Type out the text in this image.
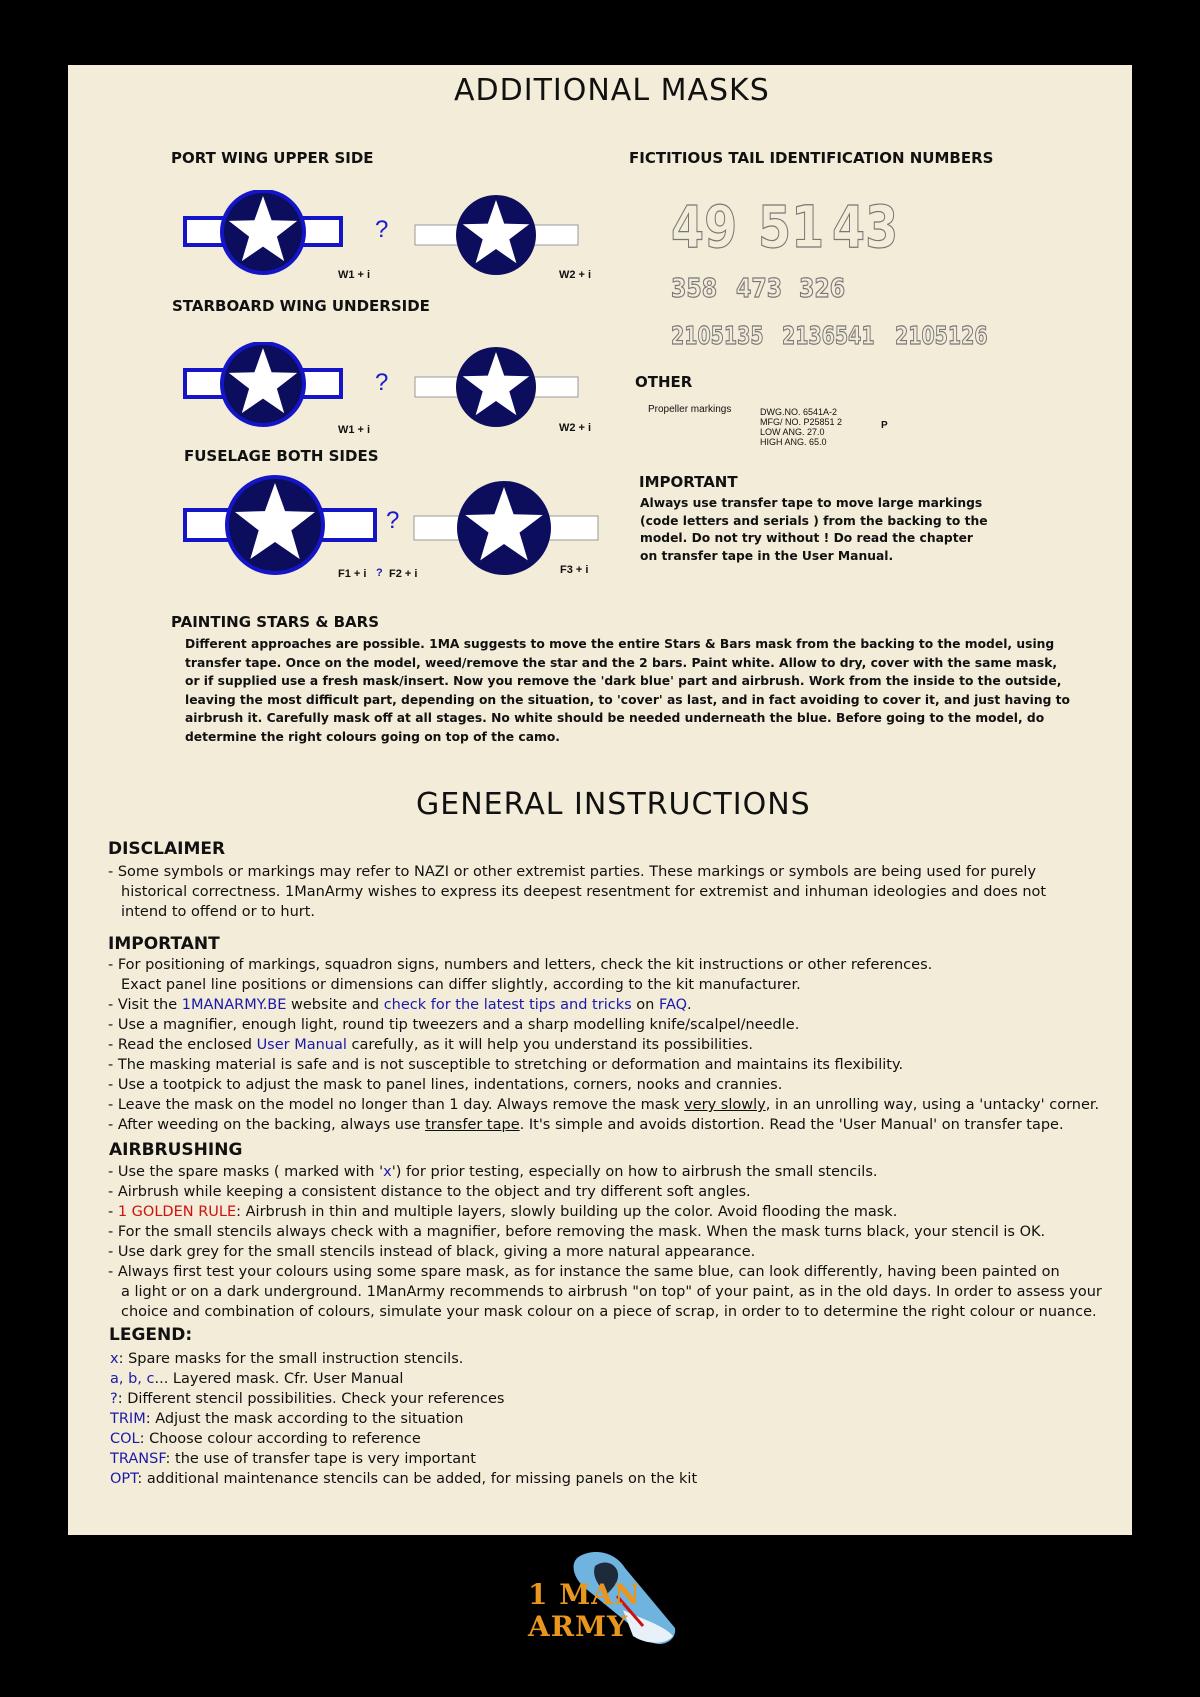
ADDITIONAL MASKS
PORT WING UPPER SIDE
?
W1 + i	W2 + i
STARBOARD WING UNDERSIDE
?
W1 + i	W2 + i
FUSELAGE BOTH SIDES
?
F1 + i ? F2 + i	F3 + i
FICTITIOUS TAIL IDENTIFICATION NUMBERS
49 51 43
358 473 326
2105135 2136541 2105126
OTHER
Propeller markings	DWG.NO. 6541A-2
MFG/ NO. P25851 2
LOW ANG. 27.0
HIGH ANG. 65.0
P
IMPORTANT
Always use transfer tape to move large markings
(code letters and serials ) from the backing to the
model. Do not try without ! Do read the chapter
on transfer tape in the User Manual.
PAINTING STARS & BARS
Different approaches are possible. 1MA suggests to move the entire Stars & Bars mask from the backing to the model, using
transfer tape. Once on the model, weed/remove the star and the 2 bars. Paint white. Allow to dry, cover with the same mask,
or if supplied use a fresh mask/insert. Now you remove the 'dark blue' part and airbrush. Work from the inside to the outside,
leaving the most difficult part, depending on the situation, to 'cover' as last, and in fact avoiding to cover it, and just having to
airbrush it. Carefully mask off at all stages. No white should be needed underneath the blue. Before going to the model, do
determine the right colours going on top of the camo.
GENERAL INSTRUCTIONS
DISCLAIMER
- Some symbols or markings may refer to NAZI or other extremist parties. These markings or symbols are being used for purely
historical correctness. 1ManArmy wishes to express its deepest resentment for extremist and inhuman ideologies and does not
intend to offend or to hurt.
IMPORTANT
- For positioning of markings, squadron signs, numbers and letters, check the kit instructions or other references.
Exact panel line positions or dimensions can differ slightly, according to the kit manufacturer.
- Visit the 1MANARMY.BE website and check for the latest tips and tricks on FAQ.
- Use a magnifier, enough light, round tip tweezers and a sharp modelling knife/scalpel/needle.
- Read the enclosed User Manual carefully, as it will help you understand its possibilities.
- The masking material is safe and is not susceptible to stretching or deformation and maintains its flexibility.
- Use a tootpick to adjust the mask to panel lines, indentations, corners, nooks and crannies.
- Leave the mask on the model no longer than 1 day. Always remove the mask very slowly, in an unrolling way, using a 'untacky' corner.
- After weeding on the backing, always use transfer tape. It's simple and avoids distortion. Read the 'User Manual' on transfer tape.
AIRBRUSHING
- Use the spare masks ( marked with 'x') for prior testing, especially on how to airbrush the small stencils.
- Airbrush while keeping a consistent distance to the object and try different soft angles.
- 1 GOLDEN RULE: Airbrush in thin and multiple layers, slowly building up the color. Avoid flooding the mask.
- For the small stencils always check with a magnifier, before removing the mask. When the mask turns black, your stencil is OK.
- Use dark grey for the small stencils instead of black, giving a more natural appearance.
- Always first test your colours using some spare mask, as for instance the same blue, can look differently, having been painted on
a light or on a dark underground. 1ManArmy recommends to airbrush "on top" of your paint, as in the old days. In order to assess your
choice and combination of colours, simulate your mask colour on a piece of scrap, in order to to determine the right colour or nuance.
LEGEND:
x: Spare masks for the small instruction stencils.
a, b, c... Layered mask. Cfr. User Manual
?: Different stencil possibilities. Check your references
TRIM: Adjust the mask according to the situation
COL: Choose colour according to reference
TRANSF: the use of transfer tape is very important
OPT: additional maintenance stencils can be added, for missing panels on the kit
1 MAN
ARMY
